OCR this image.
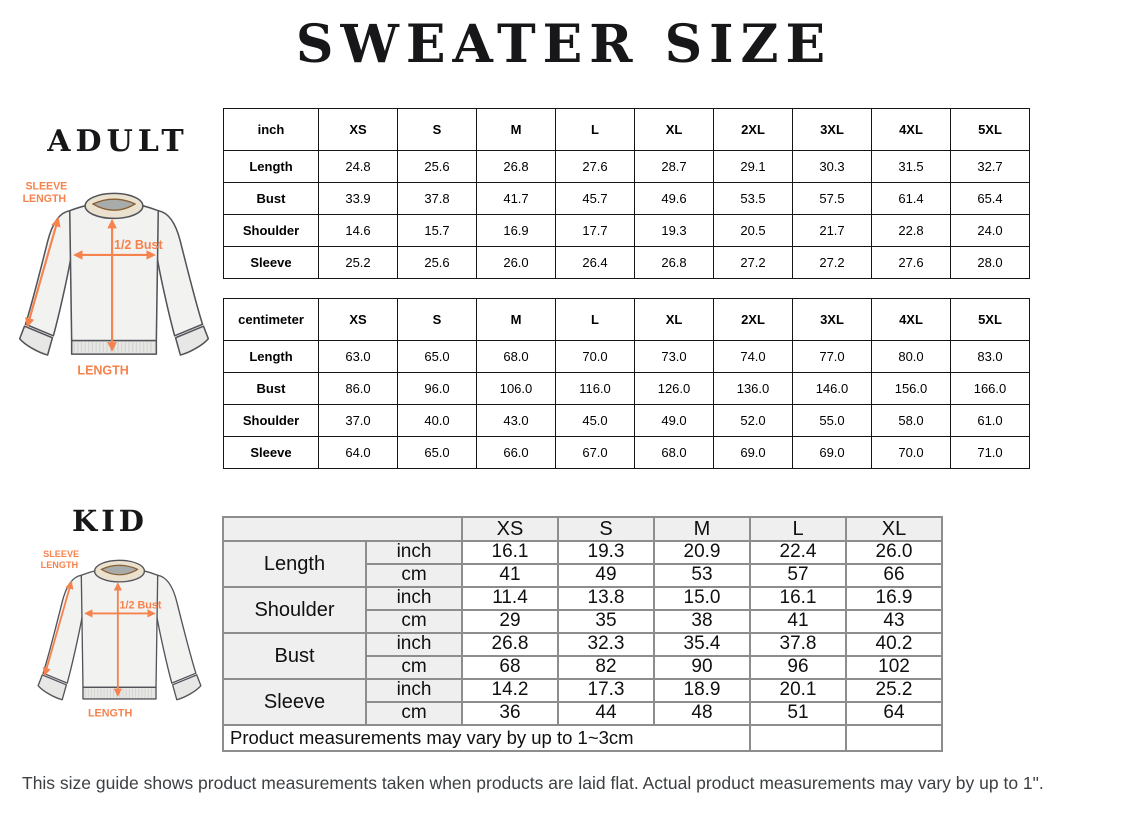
SWEATER SIZE
ADULT
SLEEVE
LENGTH
1/2 Bust
LENGTH
inch	XS	S	M	L	XL	2XL	3XL	4XL	5XL
Length	24.8	25.6	26.8	27.6	28.7	29.1	30.3	31.5	32.7
Bust	33.9	37.8	41.7	45.7	49.6	53.5	57.5	61.4	65.4
Shoulder	14.6	15.7	16.9	17.7	19.3	20.5	21.7	22.8	24.0
Sleeve	25.2	25.6	26.0	26.4	26.8	27.2	27.2	27.6	28.0
centimeter	XS	S	M	L	XL	2XL	3XL	4XL	5XL
Length	63.0	65.0	68.0	70.0	73.0	74.0	77.0	80.0	83.0
Bust	86.0	96.0	106.0	116.0	126.0	136.0	146.0	156.0	166.0
Shoulder	37.0	40.0	43.0	45.0	49.0	52.0	55.0	58.0	61.0
Sleeve	64.0	65.0	66.0	67.0	68.0	69.0	69.0	70.0	71.0
KID
SLEEVE
LENGTH
1/2 Bust
LENGTH
		XS	S	M	L	XL
Length	inch	16.1	19.3	20.9	22.4	26.0
	cm	41	49	53	57	66
Shoulder	inch	11.4	13.8	15.0	16.1	16.9
	cm	29	35	38	41	43
Bust	inch	26.8	32.3	35.4	37.8	40.2
	cm	68	82	90	96	102
Sleeve	inch	14.2	17.3	18.9	20.1	25.2
	cm	36	44	48	51	64
Product measurements may vary by up to 1~3cm						
This size guide shows product measurements taken when products are laid flat. Actual product measurements may vary by up to 1".
